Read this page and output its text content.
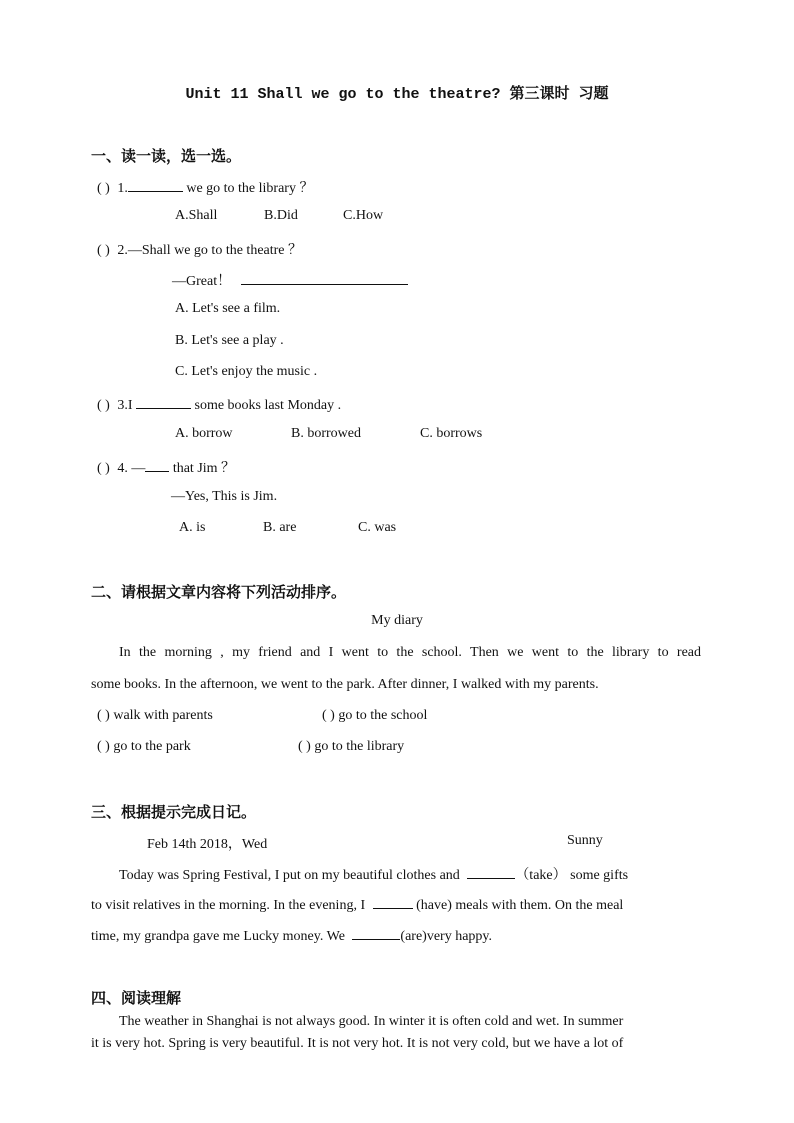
Unit 11 Shall we go to the theatre? 第三课时 习题
一、读一读，选一选。
( ) 1.	we go to the library ？
A.Shall	B.Did	C.How
( ) 2.—Shall we go to the theatre ？
—Great！
A. Let's see a film.
B. Let's see a play .
C. Let's enjoy the music .
( ) 3.I	some books last Monday .
A. borrow	B. borrowed	C. borrows
( ) 4. — that Jim ？
—Yes, This is Jim.
A. is	B. are	C. was
二、请根据文章内容将下列活动排序。
My diary
In the morning , my friend and I went to the school. Then we went to the library to read
some books. In the afternoon, we went to the park. After dinner, I walked with my parents.
( ) walk with parents	( ) go to the school
( ) go to the park	( ) go to the library
三、根据提示完成日记。
Feb 14th 2018，Wed	Sunny
Today was Spring Festival, I put on my beautiful clothes and	（take） some gifts
to visit relatives in the morning. In the evening, I	(have) meals with them. On the meal
time, my grandpa gave me Lucky money. We	(are)very happy.
四、阅读理解
The weather in Shanghai is not always good. In winter it is often cold and wet. In summer
it is very hot. Spring is very beautiful. It is not very hot. It is not very cold, but we have a lot of
